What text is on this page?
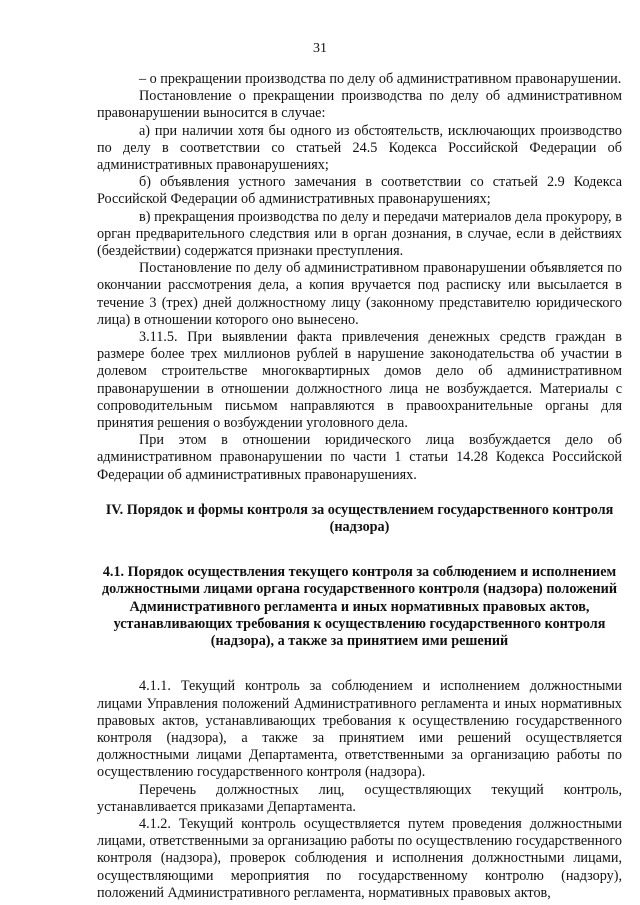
31

– о прекращении производства по делу об административном правонарушении.

Постановление о прекращении производства по делу об административном правонарушении выносится в случае:

а) при наличии хотя бы одного из обстоятельств, исключающих производство по делу в соответствии со статьей 24.5 Кодекса Российской Федерации об административных правонарушениях;

б) объявления устного замечания в соответствии со статьей 2.9 Кодекса Российской Федерации об административных правонарушениях;

в) прекращения производства по делу и передачи материалов дела прокурору, в орган предварительного следствия или в орган дознания, в случае, если в действиях (бездействии) содержатся признаки преступления.

Постановление по делу об административном правонарушении объявляется по окончании рассмотрения дела, а копия вручается под расписку или высылается в течение 3 (трех) дней должностному лицу (законному представителю юридического лица) в отношении которого оно вынесено.

3.11.5. При выявлении факта привлечения денежных средств граждан в размере более трех миллионов рублей в нарушение законодательства об участии в долевом строительстве многоквартирных домов дело об административном правонарушении в отношении должностного лица не возбуждается. Материалы с сопроводительным письмом направляются в правоохранительные органы для принятия решения о возбуждении уголовного дела.

При этом в отношении юридического лица возбуждается дело об административном правонарушении по части 1 статьи 14.28 Кодекса Российской Федерации об административных правонарушениях.

IV. Порядок и формы контроля за осуществлением государственного контроля (надзора)

4.1. Порядок осуществления текущего контроля за соблюдением и исполнением должностными лицами органа государственного контроля (надзора) положений Административного регламента и иных нормативных правовых актов, устанавливающих требования к осуществлению государственного контроля (надзора), а также за принятием ими решений

4.1.1. Текущий контроль за соблюдением и исполнением должностными лицами Управления положений Административного регламента и иных нормативных правовых актов, устанавливающих требования к осуществлению государственного контроля (надзора), а также за принятием ими решений осуществляется должностными лицами Департамента, ответственными за организацию работы по осуществлению государственного контроля (надзора).

Перечень должностных лиц, осуществляющих текущий контроль, устанавливается приказами Департамента.

4.1.2. Текущий контроль осуществляется путем проведения должностными лицами, ответственными за организацию работы по осуществлению государственного контроля (надзора), проверок соблюдения и исполнения должностными лицами, осуществляющими мероприятия по государственному контролю (надзору), положений Административного регламента, нормативных правовых актов,
